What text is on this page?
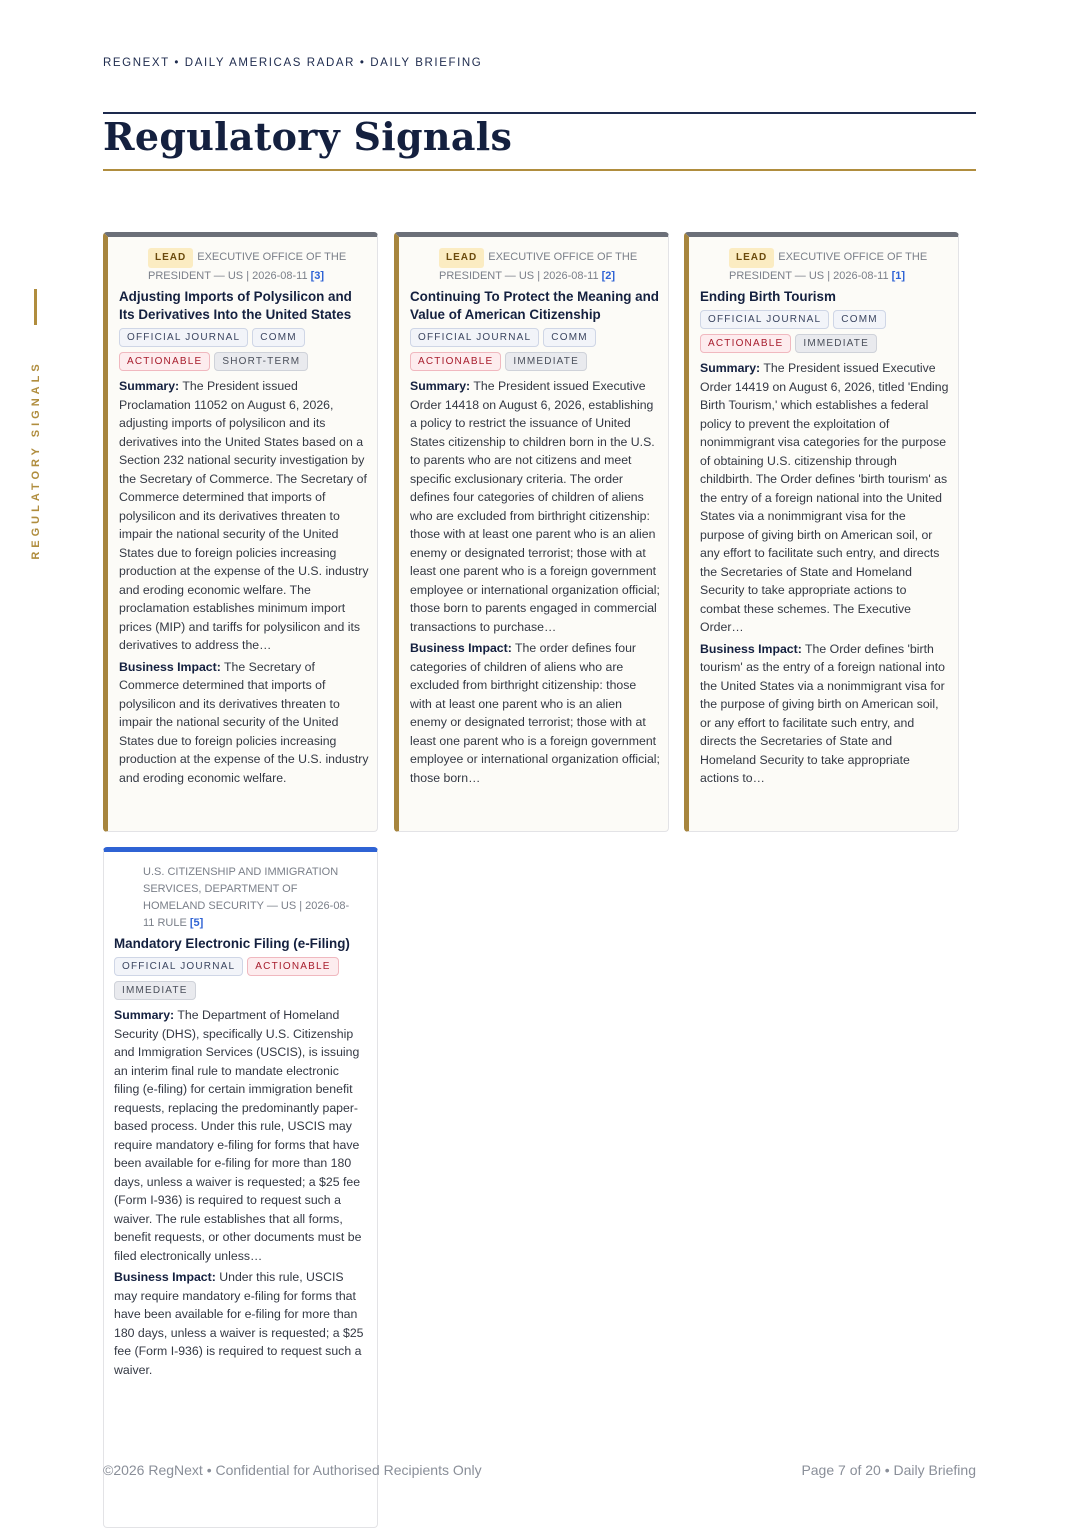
REGNEXT • DAILY AMERICAS RADAR • DAILY BRIEFING
Regulatory Signals
REGULATORY SIGNALS
LEAD EXECUTIVE OFFICE OF THE PRESIDENT — US | 2026-08-11 [3]
Adjusting Imports of Polysilicon and Its Derivatives Into the United States
OFFICIAL JOURNAL COMM
ACTIONABLE SHORT-TERM

Summary: The President issued Proclamation 11052 on August 6, 2026, adjusting imports of polysilicon and its derivatives into the United States based on a Section 232 national security investigation by the Secretary of Commerce. The Secretary of Commerce determined that imports of polysilicon and its derivatives threaten to impair the national security of the United States due to foreign policies increasing production at the expense of the U.S. industry and eroding economic welfare. The proclamation establishes minimum import prices (MIP) and tariffs for polysilicon and its derivatives to address the…

Business Impact: The Secretary of Commerce determined that imports of polysilicon and its derivatives threaten to impair the national security of the United States due to foreign policies increasing production at the expense of the U.S. industry and eroding economic welfare.

LEAD EXECUTIVE OFFICE OF THE PRESIDENT — US | 2026-08-11 [2]
Continuing To Protect the Meaning and Value of American Citizenship
OFFICIAL JOURNAL COMM
ACTIONABLE IMMEDIATE

Summary: The President issued Executive Order 14418 on August 6, 2026, establishing a policy to restrict the issuance of United States citizenship to children born in the U.S. to parents who are not citizens and meet specific exclusionary criteria. The order defines four categories of children of aliens who are excluded from birthright citizenship: those with at least one parent who is an alien enemy or designated terrorist; those with at least one parent who is a foreign government employee or international organization official; those born to parents engaged in commercial transactions to purchase…

Business Impact: The order defines four categories of children of aliens who are excluded from birthright citizenship: those with at least one parent who is an alien enemy or designated terrorist; those with at least one parent who is a foreign government employee or international organization official; those born…

LEAD EXECUTIVE OFFICE OF THE PRESIDENT — US | 2026-08-11 [1]
Ending Birth Tourism
OFFICIAL JOURNAL COMM
ACTIONABLE IMMEDIATE

Summary: The President issued Executive Order 14419 on August 6, 2026, titled 'Ending Birth Tourism,' which establishes a federal policy to prevent the exploitation of nonimmigrant visa categories for the purpose of obtaining U.S. citizenship through childbirth. The Order defines 'birth tourism' as the entry of a foreign national into the United States via a nonimmigrant visa for the purpose of giving birth on American soil, or any effort to facilitate such entry, and directs the Secretaries of State and Homeland Security to take appropriate actions to combat these schemes. The Executive Order…

Business Impact: The Order defines 'birth tourism' as the entry of a foreign national into the United States via a nonimmigrant visa for the purpose of giving birth on American soil, or any effort to facilitate such entry, and directs the Secretaries of State and Homeland Security to take appropriate actions to…

U.S. CITIZENSHIP AND IMMIGRATION SERVICES, DEPARTMENT OF HOMELAND SECURITY — US | 2026-08-11 RULE [5]
Mandatory Electronic Filing (e-Filing)
OFFICIAL JOURNAL ACTIONABLE
IMMEDIATE

Summary: The Department of Homeland Security (DHS), specifically U.S. Citizenship and Immigration Services (USCIS), is issuing an interim final rule to mandate electronic filing (e-filing) for certain immigration benefit requests, replacing the predominantly paper-based process. Under this rule, USCIS may require mandatory e-filing for forms that have been available for e-filing for more than 180 days, unless a waiver is requested; a $25 fee (Form I-936) is required to request such a waiver. The rule establishes that all forms, benefit requests, or other documents must be filed electronically unless…

Business Impact: Under this rule, USCIS may require mandatory e-filing for forms that have been available for e-filing for more than 180 days, unless a waiver is requested; a $25 fee (Form I-936) is required to request such a waiver.

©2026 RegNext • Confidential for Authorised Recipients Only	Page 7 of 20 • Daily Briefing
